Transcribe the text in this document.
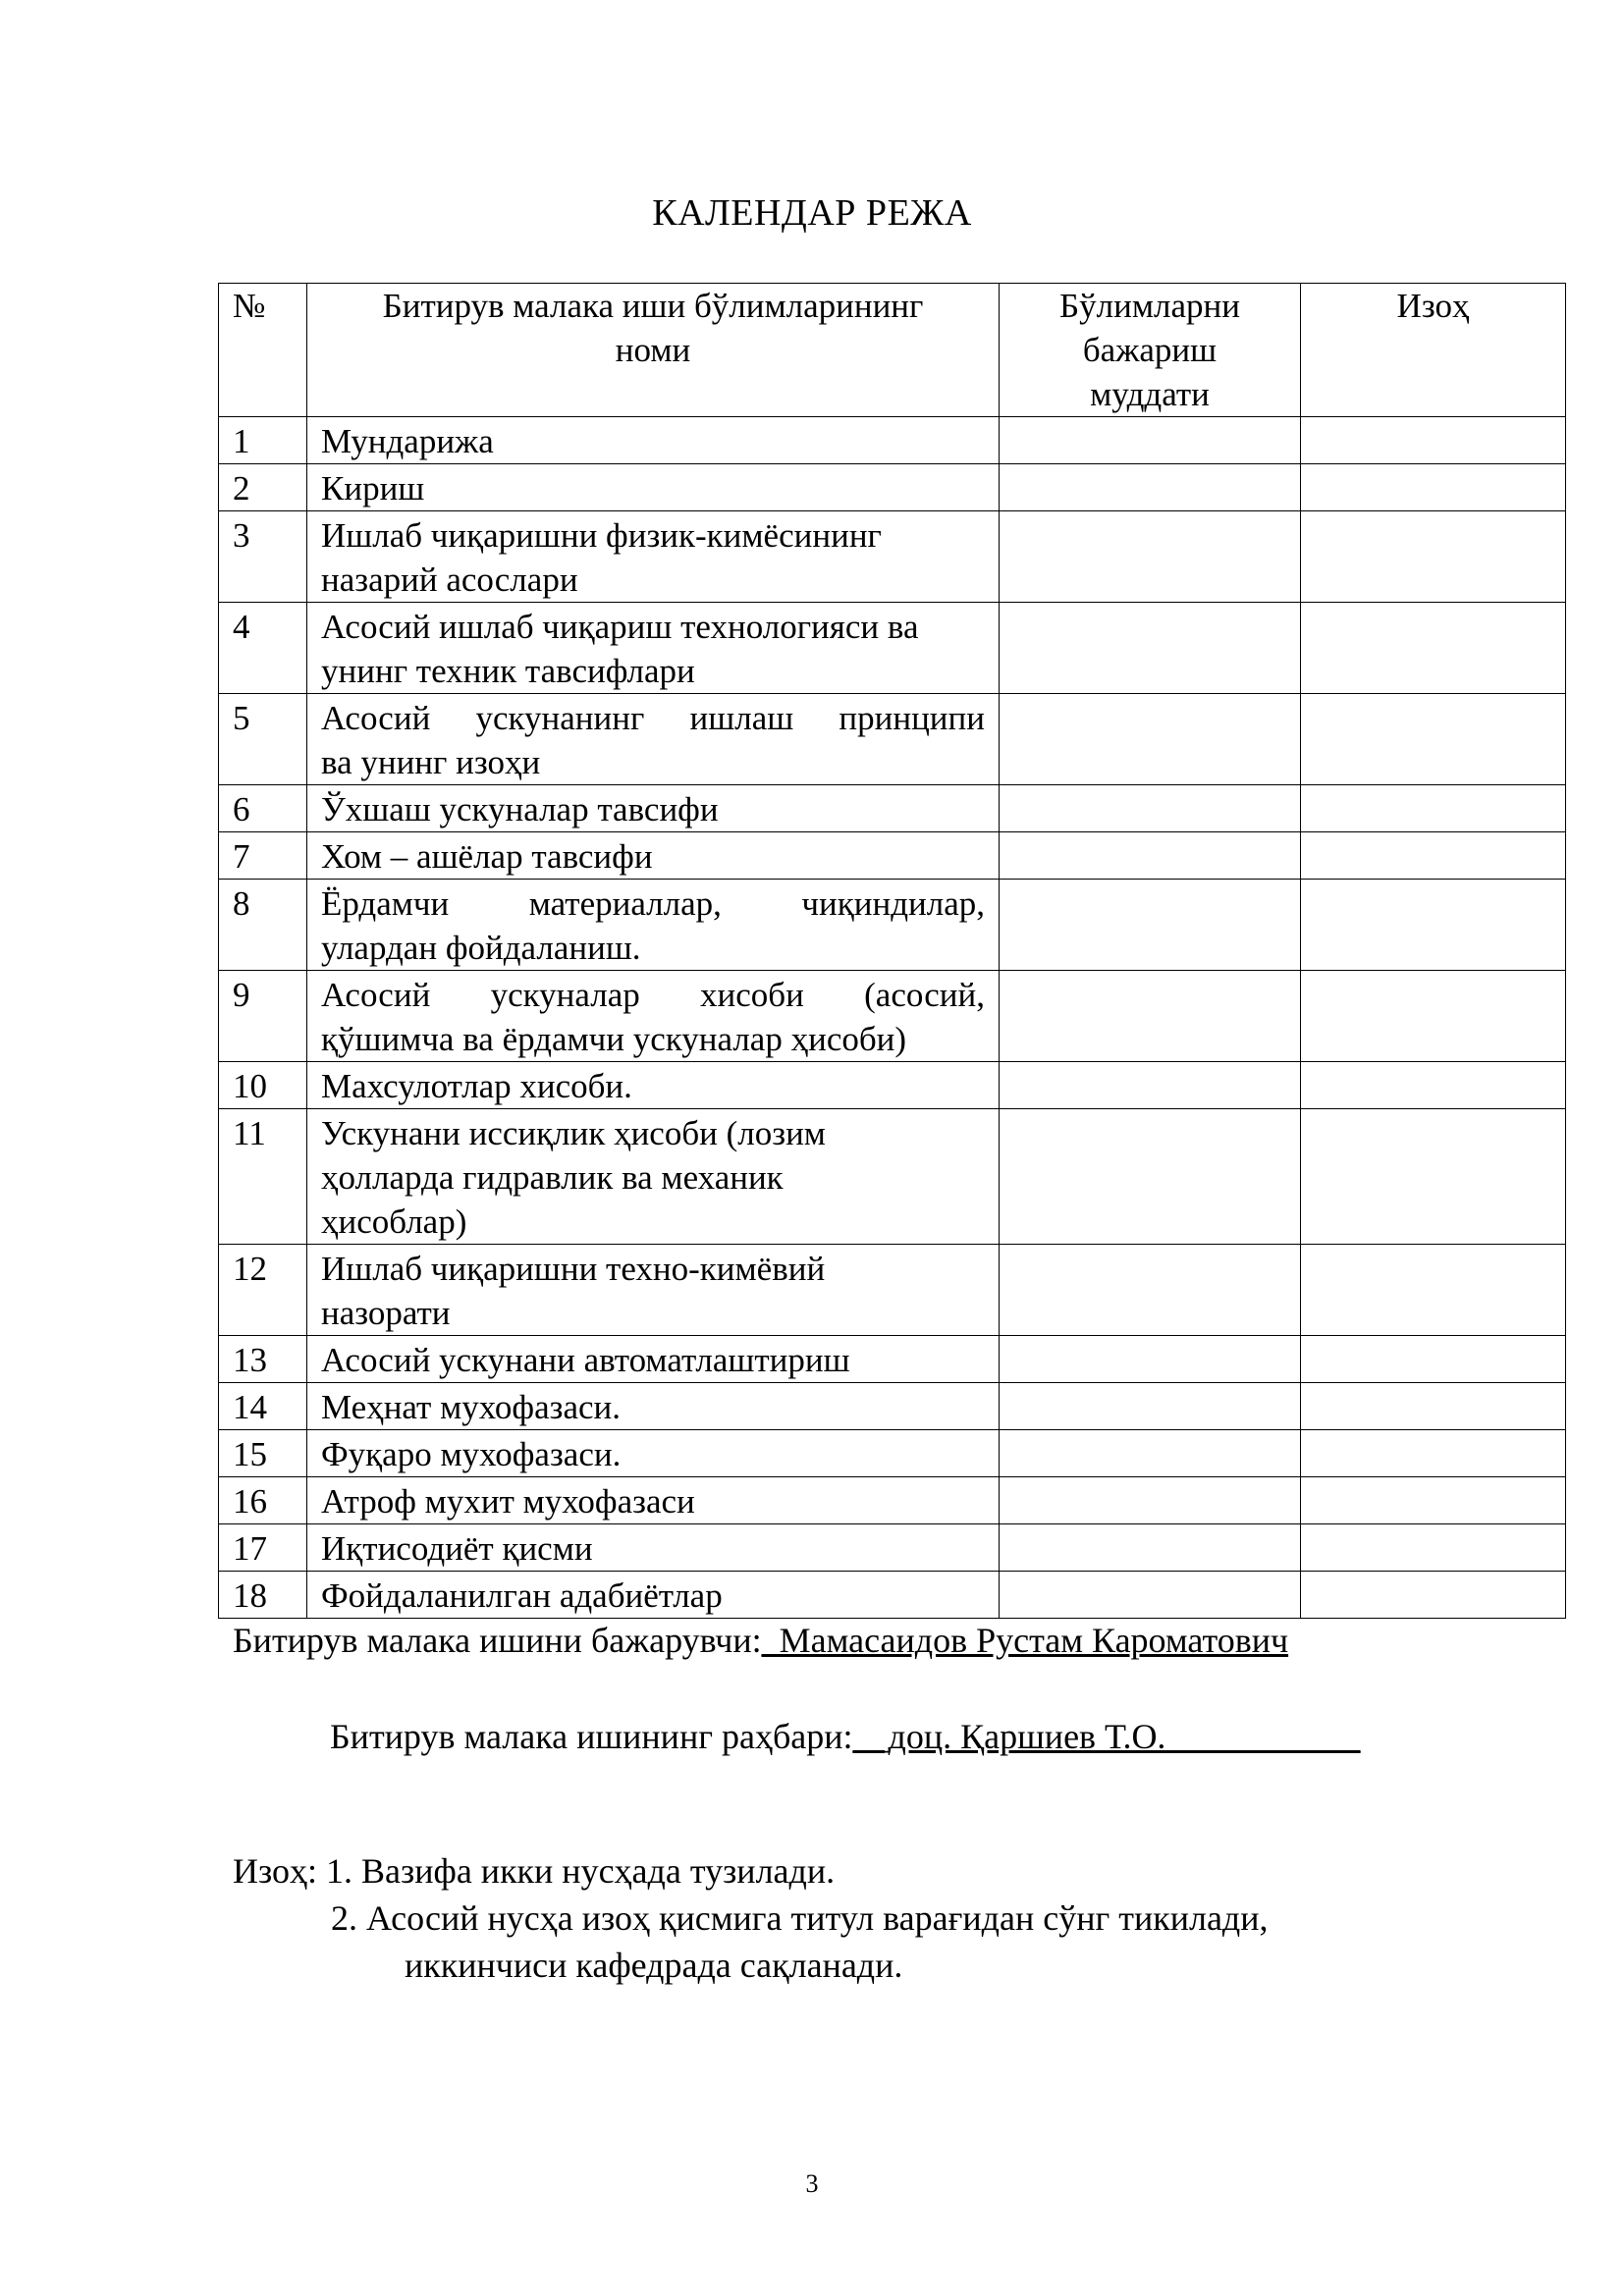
КАЛЕНДАР РЕЖА
№	Битирув малака иши бўлимларининг номи	Бўлимларни бажариш муддати	Изоҳ
1	Мундарижа		
2	Кириш		
3	Ишлаб чиқаришни физик-кимёсининг назарий асослари		
4	Асосий ишлаб чиқариш технологияси ва унинг техник тавсифлари		
5	Асосий ускунанинг ишлаш принципи
ва унинг изоҳи		

6	Ўхшаш ускуналар тавсифи		
7	Хом – ашёлар тавсифи		
8	Ёрдамчи материаллар, чиқиндилар,
улардан фойдаланиш.		

9	Асосий ускуналар хисоби (асосий,
қўшимча ва ёрдамчи ускуналар ҳисоби)		

10	Махсулотлар хисоби.		
11	Ускунани иссиқлик ҳисоби (лозим ҳолларда гидравлик ва механик ҳисоблар)		
12	Ишлаб чиқаришни техно-кимёвий назорати		
13	Асосий ускунани автоматлаштириш		
14	Меҳнат мухофазаси.		
15	Фуқаро мухофазаси.		
16	Атроф мухит мухофазаси		
17	Иқтисодиёт қисми		
18	Фойдаланилган адабиётлар		
Битирув малака ишини бажарувчи:_Мамасаидов Рустам Кароматович
Битирув малака ишининг раҳбари:__доц. Қаршиев Т.О.___________
Изоҳ: 1. Вазифа икки нусҳада тузилади.
2. Асосий нусҳа изоҳ қисмига титул варағидан сўнг тикилади,
иккинчиси кафедрада сақланади.
3
